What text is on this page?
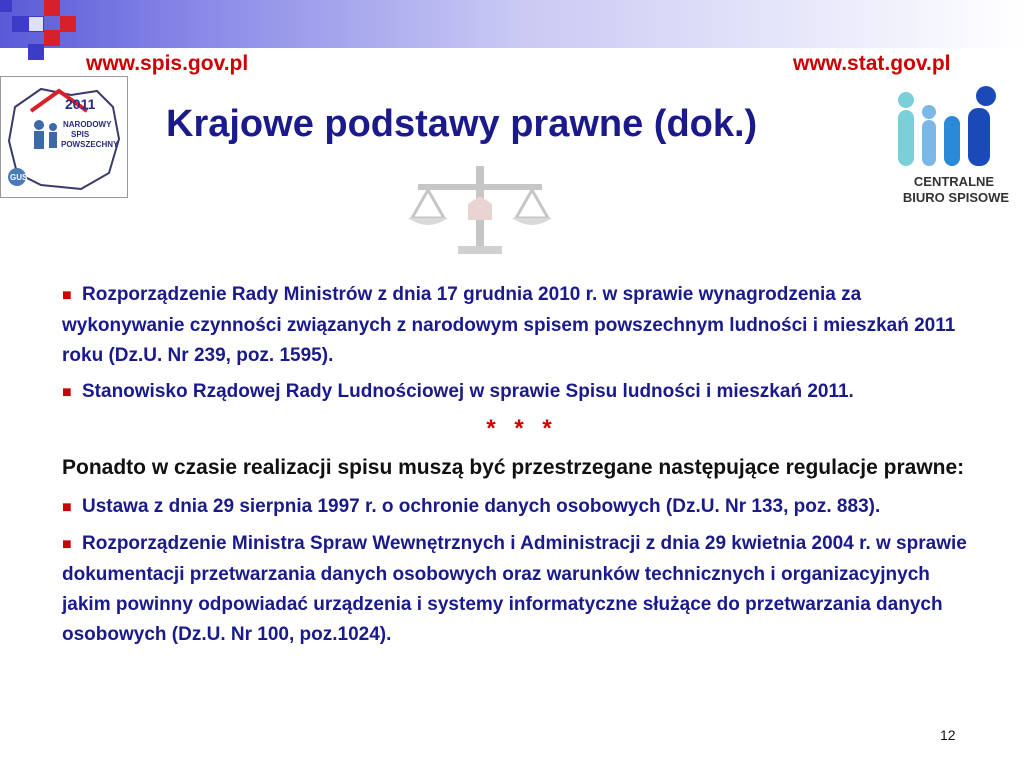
www.spis.gov.pl	www.stat.gov.pl
2011
NARODOWY
SPIS
POWSZECHNY
GUS
Krajowe podstawy prawne (dok.)
CENTRALNE
BIURO SPISOWE

■ Rozporządzenie Rady Ministrów z dnia 17 grudnia 2010 r. w sprawie wynagrodzenia za wykonywanie czynności związanych z narodowym spisem powszechnym ludności i mieszkań 2011 roku (Dz.U. Nr 239, poz. 1595).

■ Stanowisko Rządowej Rady Ludnościowej w sprawie Spisu ludności i mieszkań 2011.

* * *

Ponadto w czasie realizacji spisu muszą być przestrzegane następujące regulacje prawne:

■ Ustawa z dnia 29 sierpnia 1997 r. o ochronie danych osobowych (Dz.U. Nr 133, poz. 883).

■ Rozporządzenie Ministra Spraw Wewnętrznych i Administracji z dnia 29 kwietnia 2004 r. w sprawie dokumentacji przetwarzania danych osobowych oraz warunków technicznych i organizacyjnych jakim powinny odpowiadać urządzenia i systemy informatyczne służące do przetwarzania danych osobowych (Dz.U. Nr 100, poz.1024).

12
